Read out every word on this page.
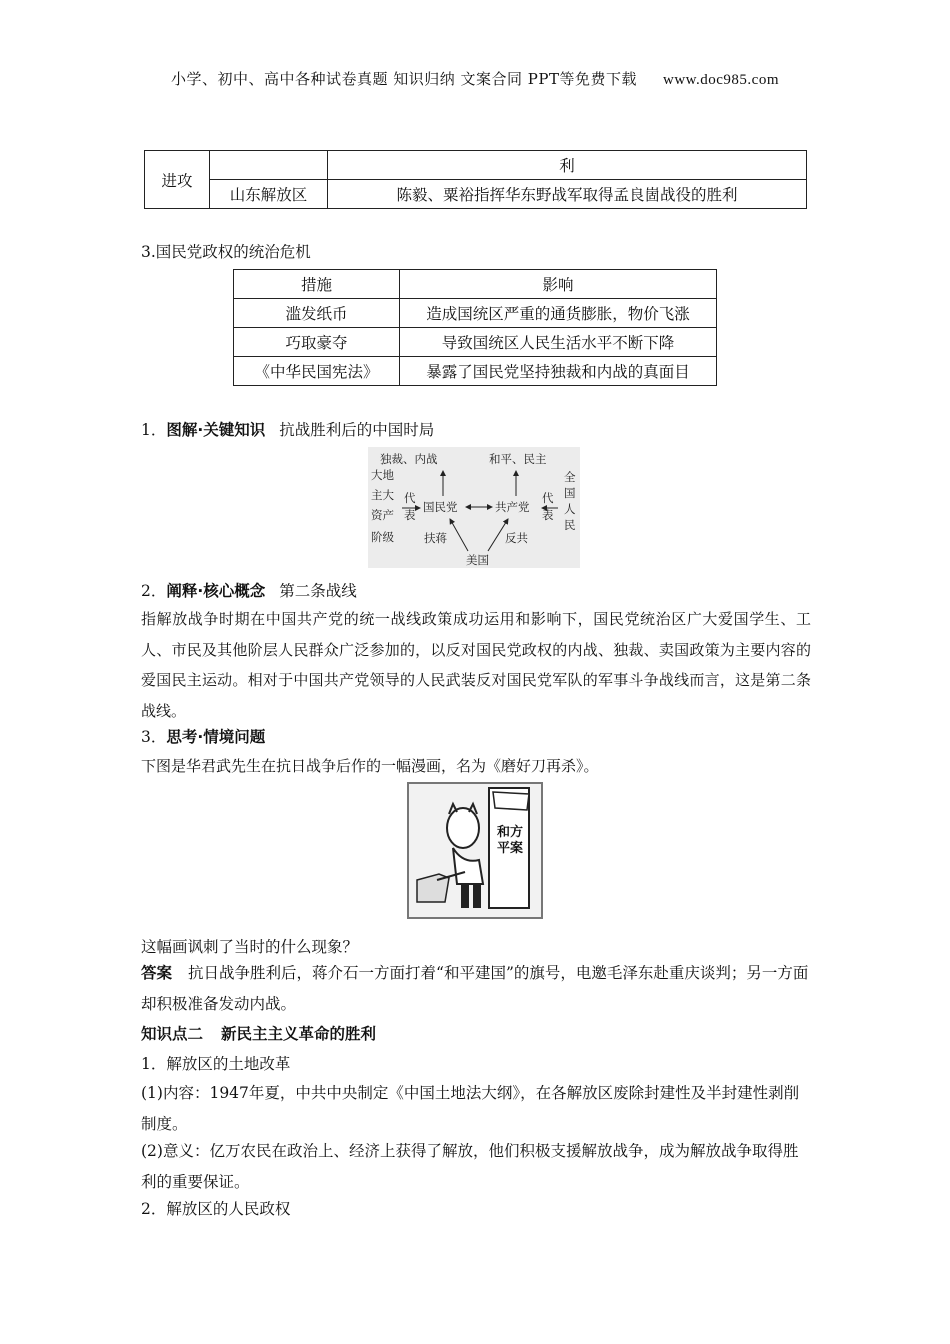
小学、初中、高中各种试卷真题 知识归纳 文案合同 PPT等免费下载 www.doc985.com
进攻		利
	山东解放区	陈毅、粟裕指挥华东野战军取得孟良崮战役的胜利
3.国民党政权的统治危机
措施	影响
滥发纸币	造成国统区严重的通货膨胀，物价飞涨
巧取豪夺	导致国统区人民生活水平不断下降
《中华民国宪法》	暴露了国民党坚持独裁和内战的真面目
1．图解·关键知识 抗战胜利后的中国时局
独裁、内战	和平、民主
大地
主大
资产
阶级
代
表
国民党	共产党
代
表
全
国
人
民
扶蒋	反共
美国
2．阐释·核心概念 第二条战线
指解放战争时期在中国共产党的统一战线政策成功运用和影响下，国民党统治区广大爱国学生、工人、市民及其他阶层人民群众广泛参加的，以反对国民党政权的内战、独裁、卖国政策为主要内容的爱国民主运动。相对于中国共产党领导的人民武装反对国民党军队的军事斗争战线而言，这是第二条战线。
3．思考·情境问题
下图是华君武先生在抗日战争后作的一幅漫画，名为《磨好刀再杀》。
和方
平案
这幅画讽刺了当时的什么现象？
答案 抗日战争胜利后，蒋介石一方面打着“和平建国”的旗号，电邀毛泽东赴重庆谈判；另一方面却积极准备发动内战。
知识点二 新民主主义革命的胜利
1．解放区的土地改革
(1)内容：1947年夏，中共中央制定《中国土地法大纲》，在各解放区废除封建性及半封建性剥削制度。
(2)意义：亿万农民在政治上、经济上获得了解放，他们积极支援解放战争，成为解放战争取得胜利的重要保证。
2．解放区的人民政权
